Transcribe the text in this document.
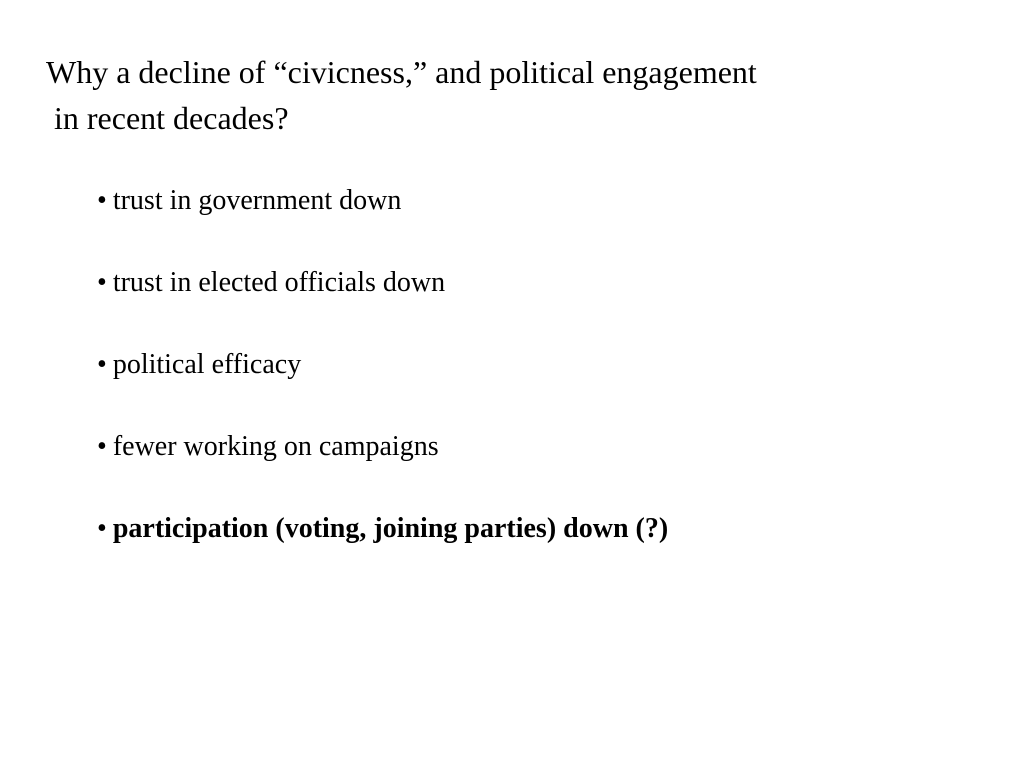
Why a decline of “civicness,” and political engagement
in recent decades?
• trust in government down
• trust in elected officials down
• political efficacy
• fewer working on campaigns
• participation (voting, joining parties) down (?)
